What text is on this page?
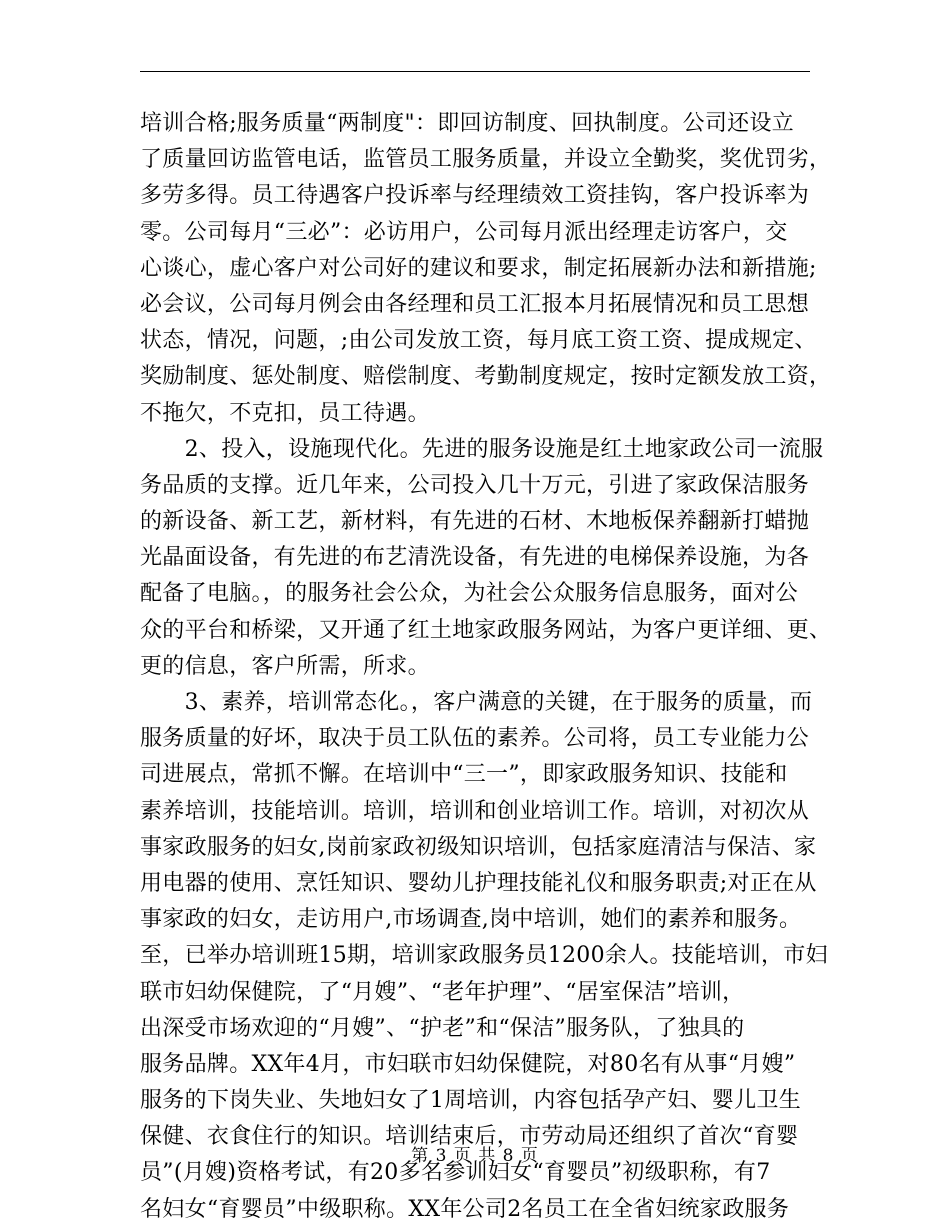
培训合格;服务质量“两制度"：即回访制度、回执制度。公司还设立
了质量回访监管电话，监管员工服务质量，并设立全勤奖，奖优罚劣，
多劳多得。员工待遇客户投诉率与经理绩效工资挂钩，客户投诉率为
零。公司每月“三必”：必访用户，公司每月派出经理走访客户，交
心谈心，虚心客户对公司好的建议和要求，制定拓展新办法和新措施;
必会议，公司每月例会由各经理和员工汇报本月拓展情况和员工思想
状态，情况，问题，;由公司发放工资，每月底工资工资、提成规定、
奖励制度、惩处制度、赔偿制度、考勤制度规定，按时定额发放工资，
不拖欠，不克扣，员工待遇。
　　2、投入，设施现代化。先进的服务设施是红土地家政公司一流服
务品质的支撑。近几年来，公司投入几十万元，引进了家政保洁服务
的新设备、新工艺，新材料，有先进的石材、木地板保养翻新打蜡抛
光晶面设备，有先进的布艺清洗设备，有先进的电梯保养设施，为各
配备了电脑。，的服务社会公众，为社会公众服务信息服务，面对公
众的平台和桥梁，又开通了红土地家政服务网站，为客户更详细、更、
更的信息，客户所需，所求。
　　3、素养，培训常态化。，客户满意的关键，在于服务的质量，而
服务质量的好坏，取决于员工队伍的素养。公司将，员工专业能力公
司进展点，常抓不懈。在培训中“三一”，即家政服务知识、技能和
素养培训，技能培训。培训，培训和创业培训工作。培训，对初次从
事家政服务的妇女,岗前家政初级知识培训，包括家庭清洁与保洁、家
用电器的使用、烹饪知识、婴幼儿护理技能礼仪和服务职责;对正在从
事家政的妇女，走访用户,市场调查,岗中培训，她们的素养和服务。
至，已举办培训班15期，培训家政服务员1200余人。技能培训，市妇
联市妇幼保健院，了“月嫂”、“老年护理”、“居室保洁”培训，
出深受市场欢迎的“月嫂”、“护老”和“保洁”服务队，了独具的
服务品牌。XX年4月，市妇联市妇幼保健院，对80名有从事“月嫂”
服务的下岗失业、失地妇女了1周培训，内容包括孕产妇、婴儿卫生
保健、衣食住行的知识。培训结束后，市劳动局还组织了首次“育婴
员”(月嫂)资格考试，有20多名参训妇女“育婴员”初级职称，有7
名妇女“育婴员”中级职称。XX年公司2名员工在全省妇统家政服务
第 3 页 共 8 页
